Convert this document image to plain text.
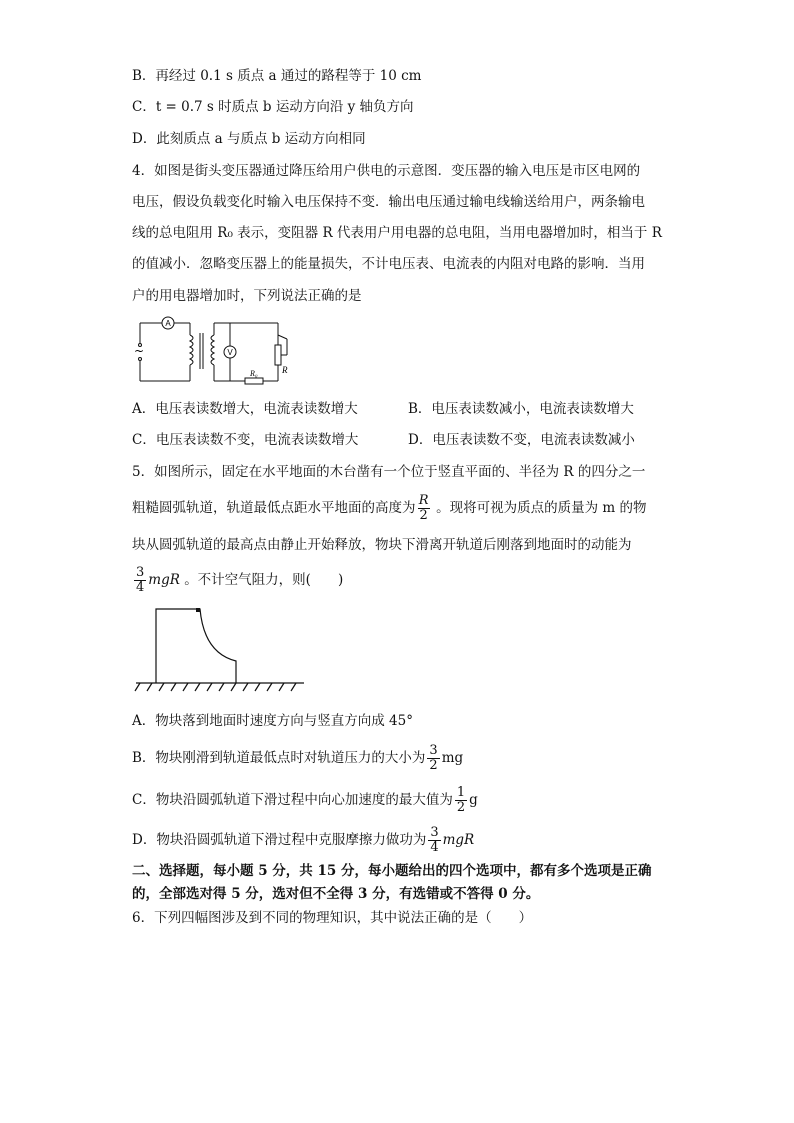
B．再经过 0.1 s 质点 a 通过的路程等于 10 cm
C．t = 0.7 s 时质点 b 运动方向沿 y 轴负方向
D．此刻质点 a 与质点 b 运动方向相同
4．如图是街头变压器通过降压给用户供电的示意图．变压器的输入电压是市区电网的
电压，假设负载变化时输入电压保持不变．输出电压通过输电线输送给用户，两条输电
线的总电阻用 R₀ 表示，变阻器 R 代表用户用电器的总电阻，当用电器增加时，相当于 R
的值减小．忽略变压器上的能量损失，不计电压表、电流表的内阻对电路的影响．当用
户的用电器增加时，下列说法正确的是
A
V
~
R₀	R
A．电压表读数增大，电流表读数增大	B．电压表读数减小，电流表读数增大
C．电压表读数不变，电流表读数增大	D．电压表读数不变，电流表读数减小
5．如图所示，固定在水平地面的木台凿有一个位于竖直平面的、半径为 R 的四分之一
粗糙圆弧轨道，轨道最低点距水平地面的高度为 $\frac{R}{2}$ 。现将可视为质点的质量为 m 的物
块从圆弧轨道的最高点由静止开始释放，物块下滑离开轨道后刚落到地面时的动能为
$\frac{3}{4}$ mgR 。不计空气阻力，则(　　)
A．物块落到地面时速度方向与竖直方向成 45°
B．物块刚滑到轨道最低点时对轨道压力的大小为 $\frac{3}{2}$ mg
C．物块沿圆弧轨道下滑过程中向心加速度的最大值为 $\frac{1}{2}$ g
D．物块沿圆弧轨道下滑过程中克服摩擦力做功为 $\frac{3}{4}$ mgR
二、选择题，每小题 5 分，共 15 分，每小题给出的四个选项中，都有多个选项是正确
的，全部选对得 5 分，选对但不全得 3 分，有选错或不答得 0 分。
6．下列四幅图涉及到不同的物理知识，其中说法正确的是（　　）
